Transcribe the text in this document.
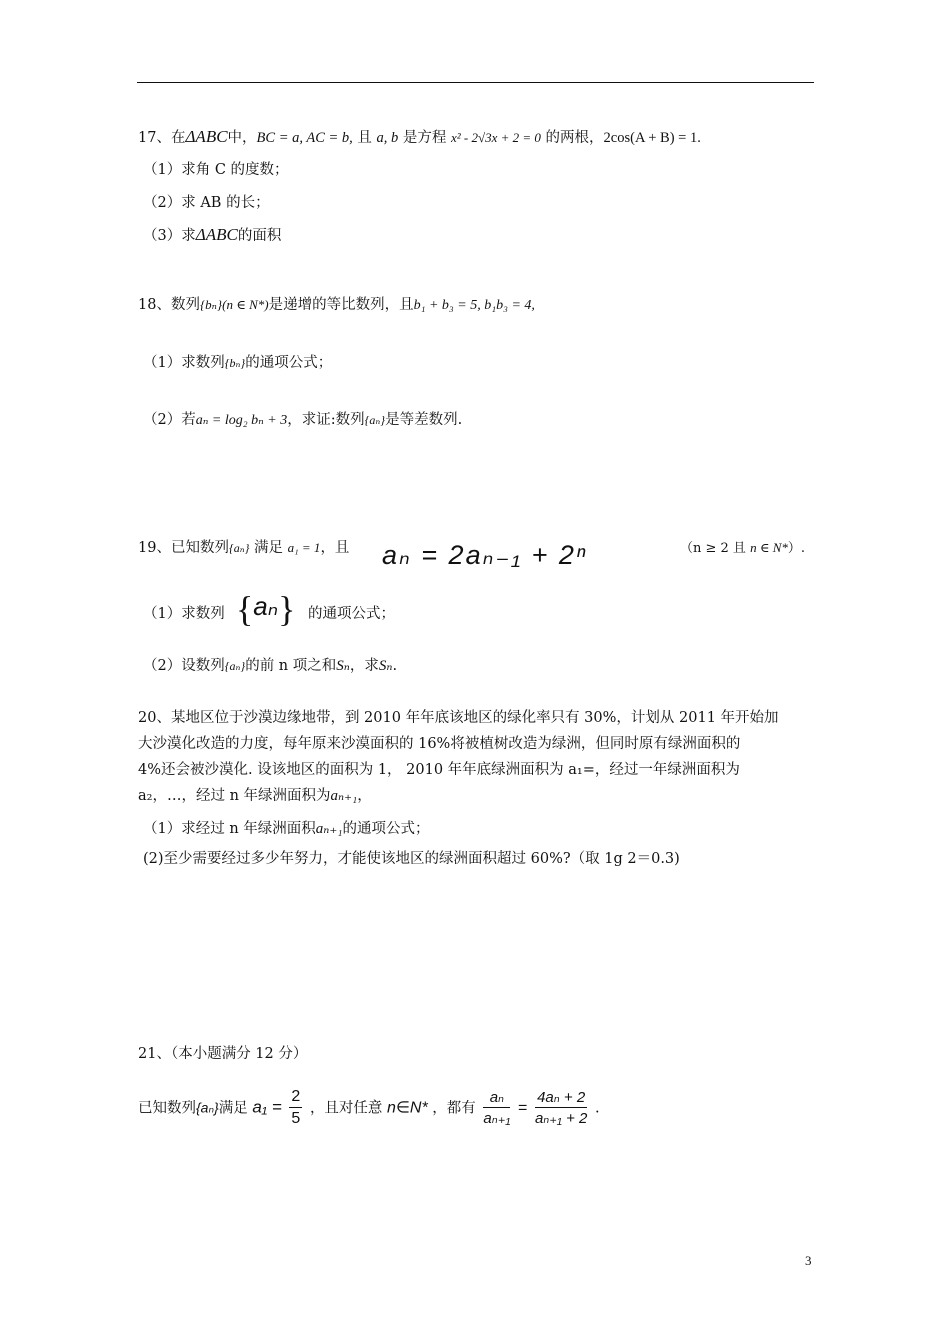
17、在ΔABC中，BC = a, AC = b, 且 a, b 是方程 x² - 2√3x + 2 = 0 的两根，2cos(A + B) = 1.
（1）求角 C 的度数；
（2）求 AB 的长；
（3）求ΔABC的面积
18、数列{bₙ}(n ∈ N*)是递增的等比数列，且b₁ + b₃ = 5, b₁b₃ = 4,
（1）求数列{bₙ}的通项公式；
（2）若aₙ = log₂ bₙ + 3，求证:数列{aₙ}是等差数列.
19、已知数列{aₙ} 满足 a₁ = 1，且 aₙ = 2aₙ₋₁ + 2ⁿ	（n ≥ 2 且 n ∈ N*）.
（1）求数列 {aₙ} 的通项公式；
（2）设数列{aₙ}的前 n 项之和Sₙ，求Sₙ.
20、某地区位于沙漠边缘地带，到 2010 年年底该地区的绿化率只有 30%，计划从 2011 年开始加
大沙漠化改造的力度，每年原来沙漠面积的 16%将被植树改造为绿洲，但同时原有绿洲面积的
4%还会被沙漠化. 设该地区的面积为 1， 2010 年年底绿洲面积为 a₁=，经过一年绿洲面积为
a₂，…，经过 n 年绿洲面积为aₙ₊₁，
（1）求经过 n 年绿洲面积aₙ₊₁的通项公式；
(2)至少需要经过多少年努力，才能使该地区的绿洲面积超过 60%?（取 1g 2＝0.3)
21、（本小题满分 12 分）
已知数列{aₙ}满足 $a_1 = \frac{2}{5}$ ，且对任意 n∈N* ，都有 $\frac{\text{aₙ}}{\text{aₙ₊₁}} = \frac{\text{4aₙ + 2}}{\text{aₙ₊₁ + 2}}$ .
3
